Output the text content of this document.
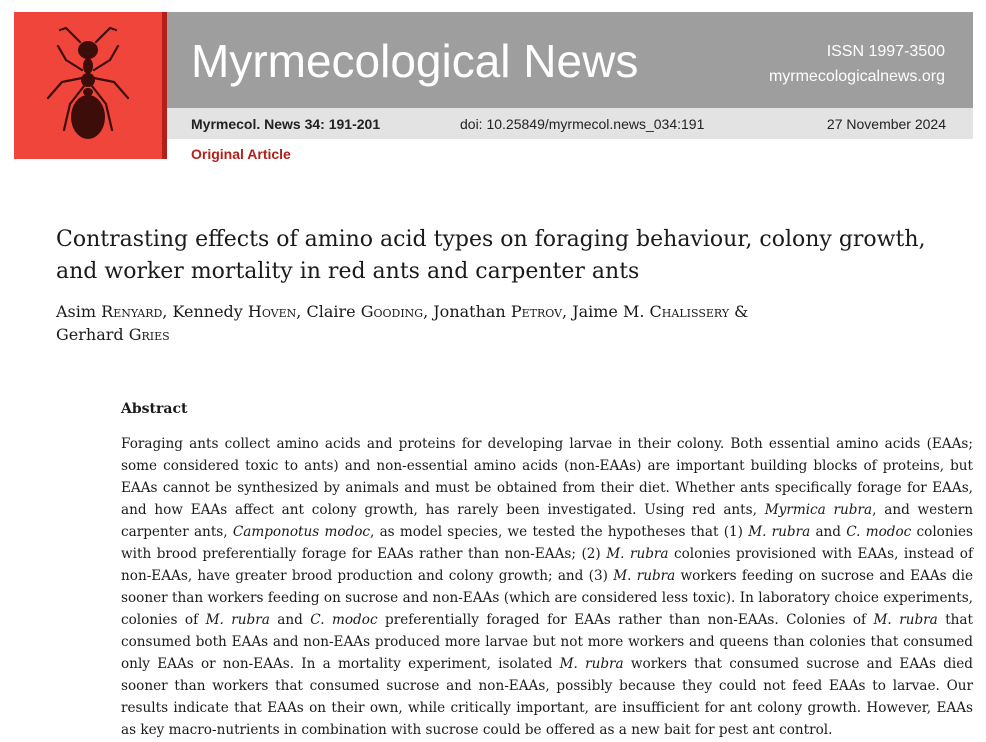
Myrmecological News	ISSN 1997-3500
myrmecologicalnews.org
Myrmecol. News 34: 191-201	doi: 10.25849/myrmecol.news_034:191	27 November 2024
Original Article
Contrasting effects of amino acid types on foraging behaviour, colony growth,
and worker mortality in red ants and carpenter ants
Asim Renyard, Kennedy Hoven, Claire Gooding, Jonathan Petrov, Jaime M. Chalissery &
Gerhard Gries
Abstract
Foraging ants collect amino acids and proteins for developing larvae in their colony. Both essential amino acids (EAAs; some considered toxic to ants) and non-essential amino acids (non-EAAs) are important building blocks of proteins, but EAAs cannot be synthesized by animals and must be obtained from their diet. Whether ants specifically forage for EAAs, and how EAAs affect ant colony growth, has rarely been investigated. Using red ants, Myrmica rubra, and western carpenter ants, Camponotus modoc, as model species, we tested the hypotheses that (1) M. rubra and C. modoc colonies with brood preferentially forage for EAAs rather than non-EAAs; (2) M. rubra colonies provisioned with EAAs, instead of non-EAAs, have greater brood production and colony growth; and (3) M. rubra workers feeding on sucrose and EAAs die sooner than workers feeding on sucrose and non-EAAs (which are considered less toxic). In laboratory choice experiments, colonies of M. rubra and C. modoc preferentially foraged for EAAs rather than non-EAAs. Colonies of M. rubra that consumed both EAAs and non-EAAs produced more larvae but not more workers and queens than colonies that consumed only EAAs or non-EAAs. In a mortality experiment, isolated M. rubra workers that consumed sucrose and EAAs died sooner than workers that consumed sucrose and non-EAAs, possibly because they could not feed EAAs to larvae. Our results indicate that EAAs on their own, while critically important, are insufficient for ant colony growth. However, EAAs as key macro-nutrients in combination with sucrose could be offered as a new bait for pest ant control.
